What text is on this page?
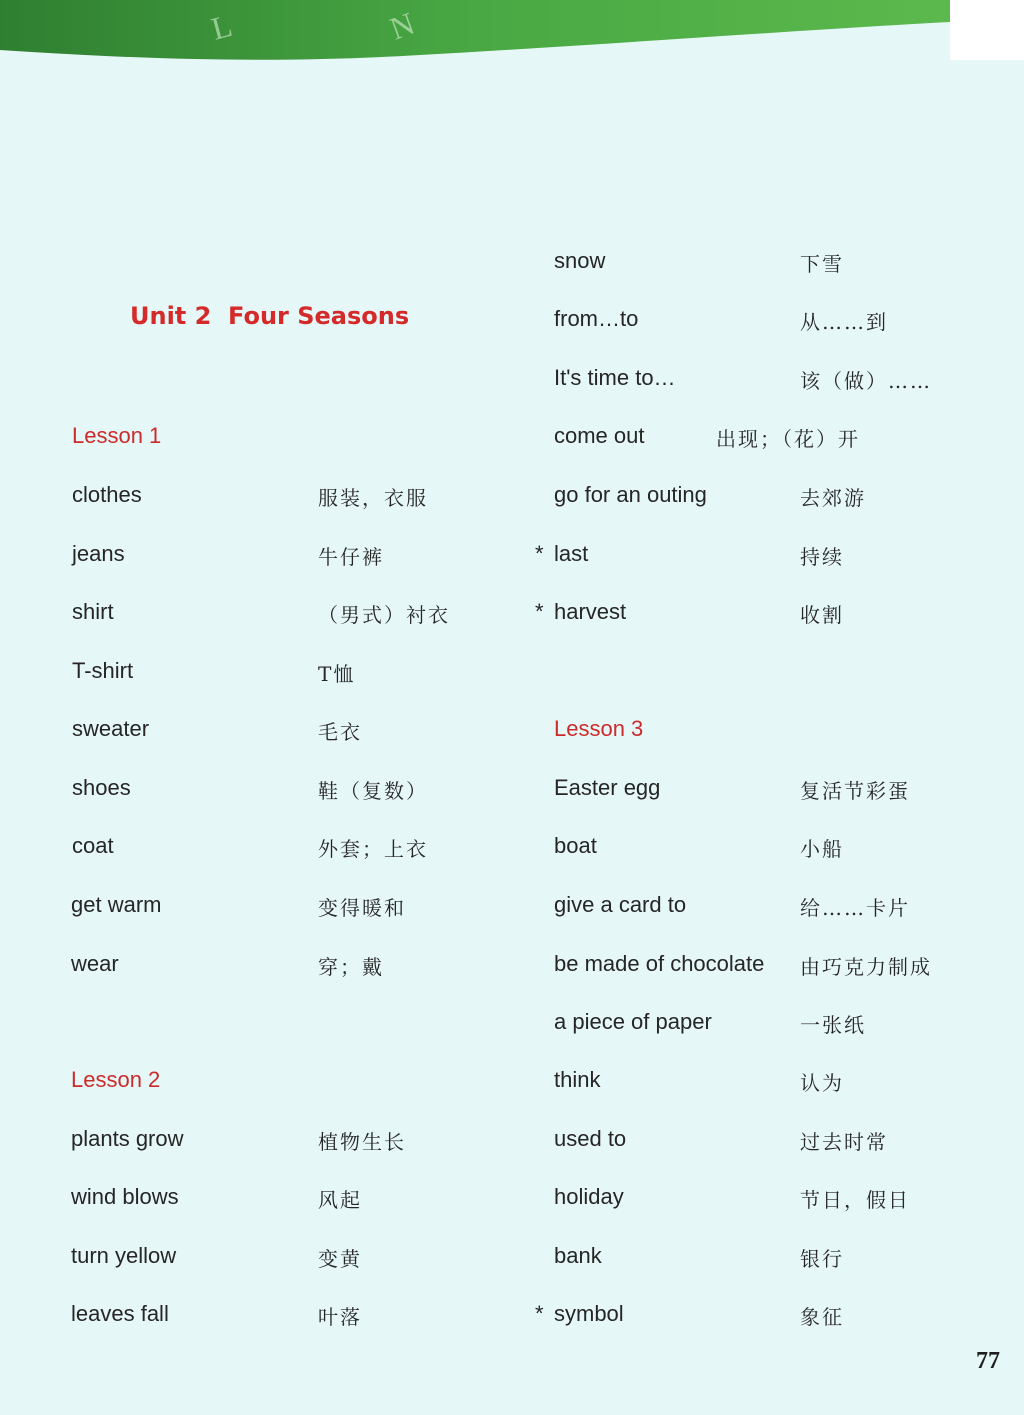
L	N
Unit 2  Four Seasons
Lesson 1
Lesson 2
Lesson 3
clothes	服装，衣服
jeans	牛仔裤
shirt	（男式）衬衣
T-shirt	T恤
sweater	毛衣
shoes	鞋（复数）
coat	外套；上衣
get warm	变得暖和
wear	穿；戴
plants grow	植物生长
wind blows	风起
turn yellow	变黄
leaves fall	叶落
snow	下雪
from…to	从……到
It's time to…	该（做）……
come out	出现；（花）开
go for an outing	去郊游
* last	持续
* harvest	收割
Easter egg	复活节彩蛋
boat	小船
give a card to	给……卡片
be made of chocolate 由巧克力制成
a piece of paper	一张纸
think	认为
used to	过去时常
holiday	节日，假日
bank	银行
* symbol	象征
77
